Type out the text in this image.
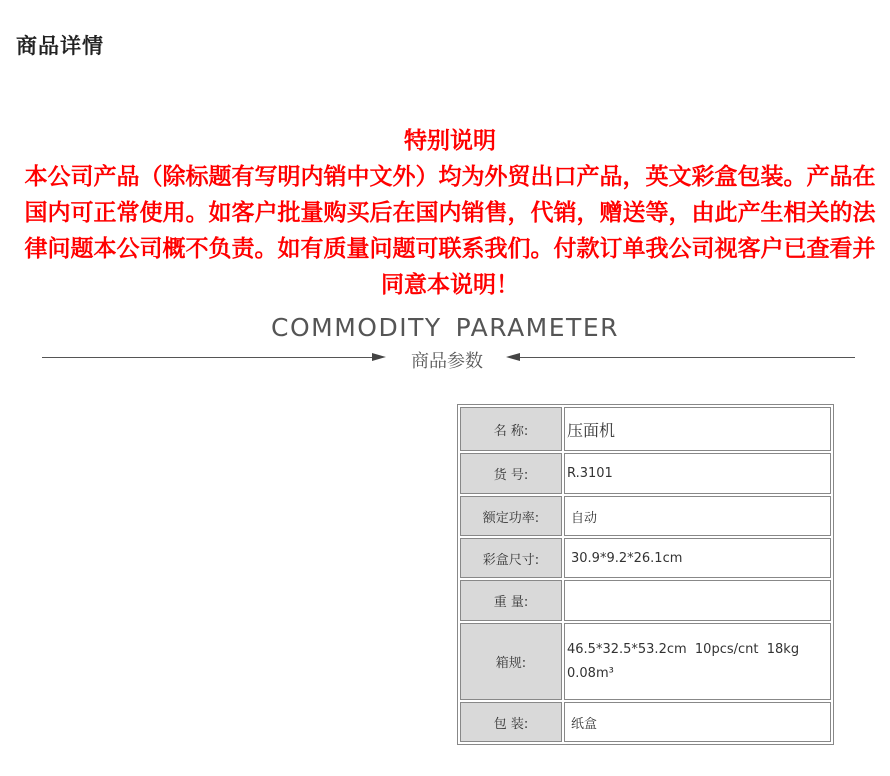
商品详情
特别说明
本公司产品（除标题有写明内销中文外）均为外贸出口产品，英文彩盒包装。产品在国内可正常使用。如客户批量购买后在国内销售，代销，赠送等，由此产生相关的法律问题本公司概不负责。如有质量问题可联系我们。付款订单我公司视客户已查看并同意本说明！
COMMODITY PARAMETER
商品参数
名 称:	压面机
货 号:	R.3101
额定功率:	自动
彩盒尺寸:	30.9*9.2*26.1cm
重 量:	
箱规:	46.5*32.5*53.2cm  10pcs/cnt  18kg
0.08m³

包 装:	纸盒
